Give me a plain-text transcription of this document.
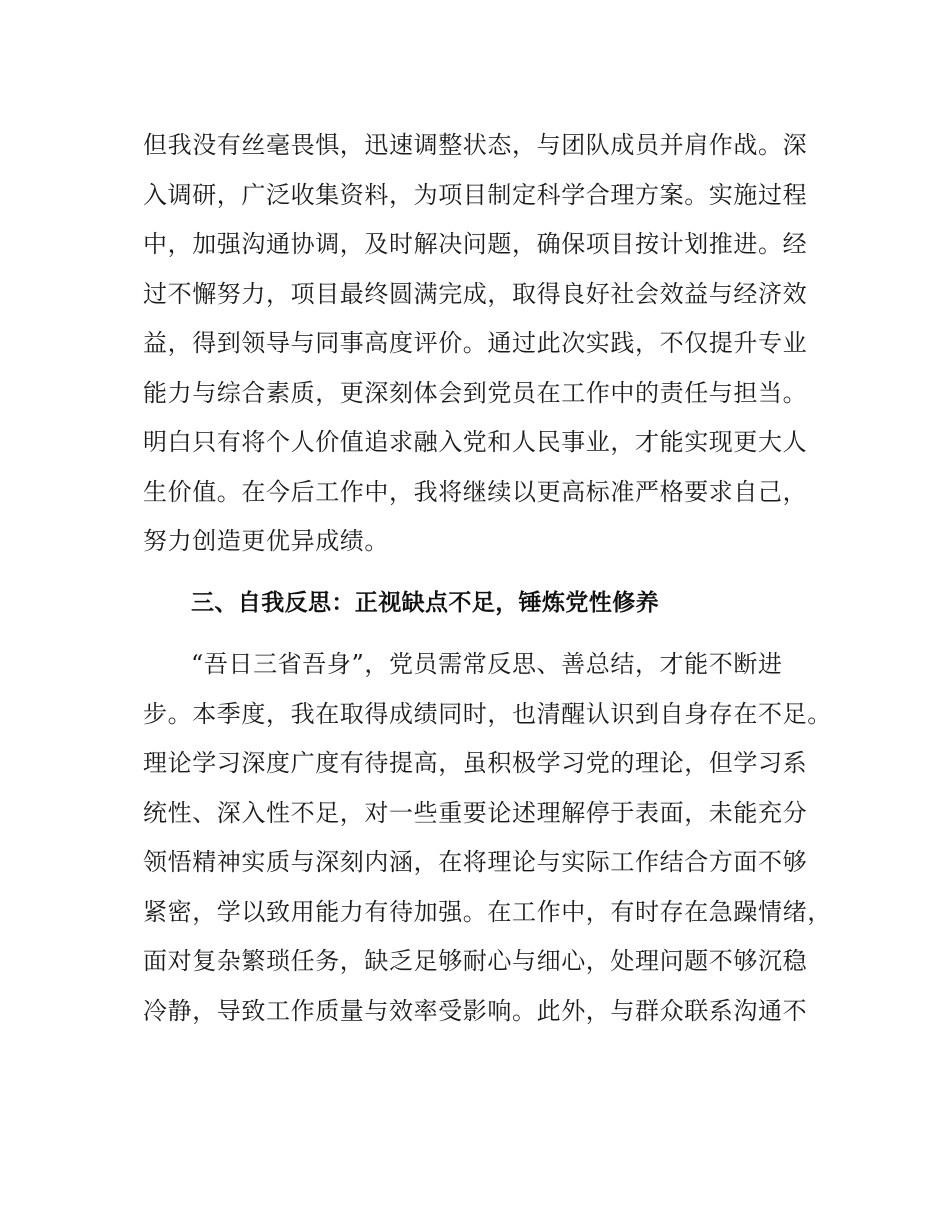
但我没有丝毫畏惧，迅速调整状态，与团队成员并肩作战。深
入调研，广泛收集资料，为项目制定科学合理方案。实施过程
中，加强沟通协调，及时解决问题，确保项目按计划推进。经
过不懈努力，项目最终圆满完成，取得良好社会效益与经济效
益，得到领导与同事高度评价。通过此次实践，不仅提升专业
能力与综合素质，更深刻体会到党员在工作中的责任与担当。
明白只有将个人价值追求融入党和人民事业，才能实现更大人
生价值。在今后工作中，我将继续以更高标准严格要求自己，
努力创造更优异成绩。
三、自我反思：正视缺点不足，锤炼党性修养
“吾日三省吾身”，党员需常反思、善总结，才能不断进
步。本季度，我在取得成绩同时，也清醒认识到自身存在不足。
理论学习深度广度有待提高，虽积极学习党的理论，但学习系
统性、深入性不足，对一些重要论述理解停于表面，未能充分
领悟精神实质与深刻内涵，在将理论与实际工作结合方面不够
紧密，学以致用能力有待加强。在工作中，有时存在急躁情绪，
面对复杂繁琐任务，缺乏足够耐心与细心，处理问题不够沉稳
冷静，导致工作质量与效率受影响。此外，与群众联系沟通不
